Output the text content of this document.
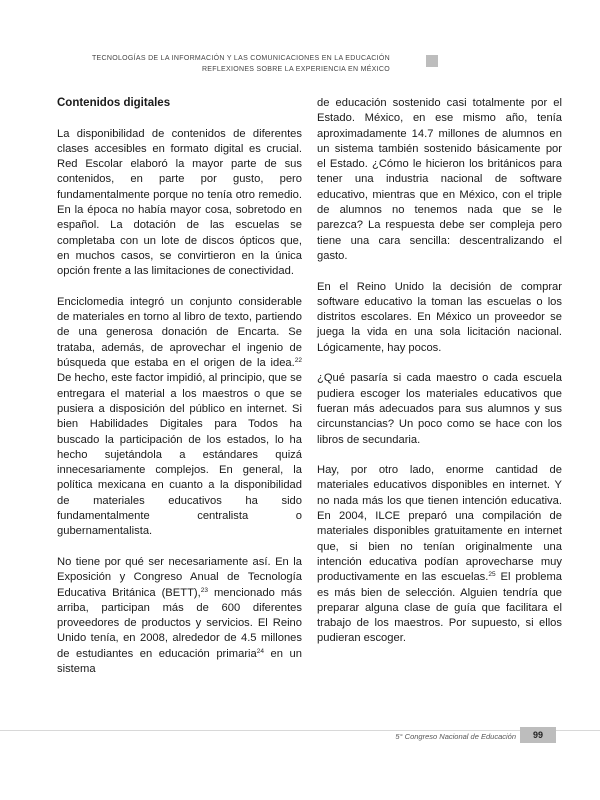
TECNOLOGÍAS DE LA INFORMACIÓN Y LAS COMUNICACIONES EN LA EDUCACIÓN
REFLEXIONES SOBRE LA EXPERIENCIA EN MÉXICO
Contenidos digitales

La disponibilidad de contenidos de diferentes clases accesibles en formato digital es crucial. Red Escolar elaboró la mayor parte de sus contenidos, en parte por gusto, pero fundamentalmente porque no tenía otro remedio. En la época no había mayor cosa, sobretodo en español. La dotación de las escuelas se completaba con un lote de discos ópticos que, en muchos casos, se convirtieron en la única opción frente a las limitaciones de conectividad.

Enciclomedia integró un conjunto considerable de materiales en torno al libro de texto, partiendo de una generosa donación de Encarta. Se trataba, además, de aprovechar el ingenio de búsqueda que estaba en el origen de la idea.$^{22}$ De hecho, este factor impidió, al principio, que se entregara el material a los maestros o que se pusiera a disposición del público en internet. Si bien Habilidades Digitales para Todos ha buscado la participación de los estados, lo ha hecho sujetándola a estándares quizá innecesariamente complejos. En general, la política mexicana en cuanto a la disponibilidad de materiales educativos ha sido fundamentalmente centralista o gubernamentalista.

No tiene por qué ser necesariamente así. En la Exposición y Congreso Anual de Tecnología Educativa Británica (BETT),$^{23}$ mencionado más arriba, participan más de 600 diferentes proveedores de productos y servicios. El Reino Unido tenía, en 2008, alrededor de 4.5 millones de estudiantes en educación primaria$^{24}$ en un sistema

de educación sostenido casi totalmente por el Estado. México, en ese mismo año, tenía aproximadamente 14.7 millones de alumnos en un sistema también sostenido básicamente por el Estado. ¿Cómo le hicieron los británicos para tener una industria nacional de software educativo, mientras que en México, con el triple de alumnos no tenemos nada que se le parezca? La respuesta debe ser compleja pero tiene una cara sencilla: descentralizando el gasto.

En el Reino Unido la decisión de comprar software educativo la toman las escuelas o los distritos escolares. En México un proveedor se juega la vida en una sola licitación nacional. Lógicamente, hay pocos.

¿Qué pasaría si cada maestro o cada escuela pudiera escoger los materiales educativos que fueran más adecuados para sus alumnos y sus circunstancias? Un poco como se hace con los libros de secundaria.

Hay, por otro lado, enorme cantidad de materiales educativos disponibles en internet. Y no nada más los que tienen intención educativa. En 2004, ILCE preparó una compilación de materiales disponibles gratuitamente en internet que, si bien no tenían originalmente una intención educativa podían aprovecharse muy productivamente en las escuelas.$^{25}$ El problema es más bien de selección. Alguien tendría que preparar alguna clase de guía que facilitara el trabajo de los maestros. Por supuesto, si ellos pudieran escoger.

5° Congreso Nacional de Educación	99
